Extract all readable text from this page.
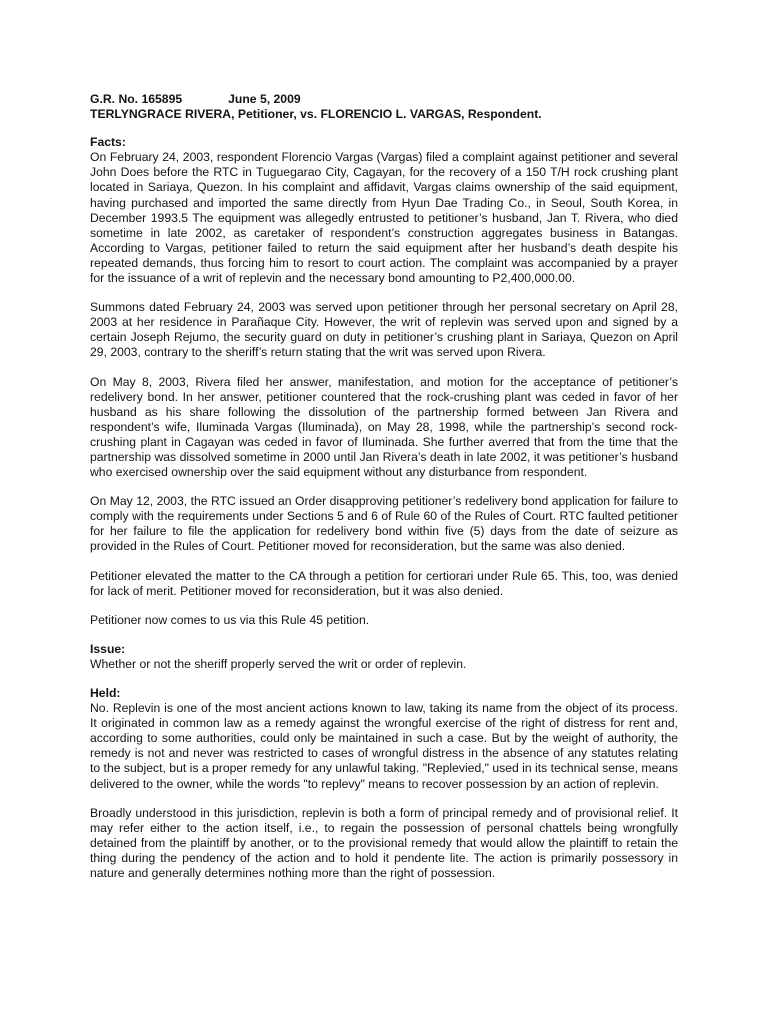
G.R. No. 165895	June 5, 2009

TERLYNGRACE RIVERA, Petitioner, vs. FLORENCIO L. VARGAS, Respondent.

Facts:

On February 24, 2003, respondent Florencio Vargas (Vargas) filed a complaint against petitioner and several John Does before the RTC in Tuguegarao City, Cagayan, for the recovery of a 150 T/H rock crushing plant located in Sariaya, Quezon. In his complaint and affidavit, Vargas claims ownership of the said equipment, having purchased and imported the same directly from Hyun Dae Trading Co., in Seoul, South Korea, in December 1993.5 The equipment was allegedly entrusted to petitioner’s husband, Jan T. Rivera, who died sometime in late 2002, as caretaker of respondent’s construction aggregates business in Batangas. According to Vargas, petitioner failed to return the said equipment after her husband’s death despite his repeated demands, thus forcing him to resort to court action. The complaint was accompanied by a prayer for the issuance of a writ of replevin and the necessary bond amounting to P2,400,000.00.

Summons dated February 24, 2003 was served upon petitioner through her personal secretary on April 28, 2003 at her residence in Parañaque City. However, the writ of replevin was served upon and signed by a certain Joseph Rejumo, the security guard on duty in petitioner’s crushing plant in Sariaya, Quezon on April 29, 2003, contrary to the sheriff’s return stating that the writ was served upon Rivera.

On May 8, 2003, Rivera filed her answer, manifestation, and motion for the acceptance of petitioner’s redelivery bond. In her answer, petitioner countered that the rock-crushing plant was ceded in favor of her husband as his share following the dissolution of the partnership formed between Jan Rivera and respondent’s wife, Iluminada Vargas (Iluminada), on May 28, 1998, while the partnership’s second rock-crushing plant in Cagayan was ceded in favor of Iluminada. She further averred that from the time that the partnership was dissolved sometime in 2000 until Jan Rivera’s death in late 2002, it was petitioner’s husband who exercised ownership over the said equipment without any disturbance from respondent.

On May 12, 2003, the RTC issued an Order disapproving petitioner’s redelivery bond application for failure to comply with the requirements under Sections 5 and 6 of Rule 60 of the Rules of Court. RTC faulted petitioner for her failure to file the application for redelivery bond within five (5) days from the date of seizure as provided in the Rules of Court. Petitioner moved for reconsideration, but the same was also denied.

Petitioner elevated the matter to the CA through a petition for certiorari under Rule 65. This, too, was denied for lack of merit. Petitioner moved for reconsideration, but it was also denied.

Petitioner now comes to us via this Rule 45 petition.

Issue:

Whether or not the sheriff properly served the writ or order of replevin.

Held:

No. Replevin is one of the most ancient actions known to law, taking its name from the object of its process. It originated in common law as a remedy against the wrongful exercise of the right of distress for rent and, according to some authorities, could only be maintained in such a case. But by the weight of authority, the remedy is not and never was restricted to cases of wrongful distress in the absence of any statutes relating to the subject, but is a proper remedy for any unlawful taking. "Replevied," used in its technical sense, means delivered to the owner, while the words "to replevy" means to recover possession by an action of replevin.

Broadly understood in this jurisdiction, replevin is both a form of principal remedy and of provisional relief. It may refer either to the action itself, i.e., to regain the possession of personal chattels being wrongfully detained from the plaintiff by another, or to the provisional remedy that would allow the plaintiff to retain the thing during the pendency of the action and to hold it pendente lite. The action is primarily possessory in nature and generally determines nothing more than the right of possession.
